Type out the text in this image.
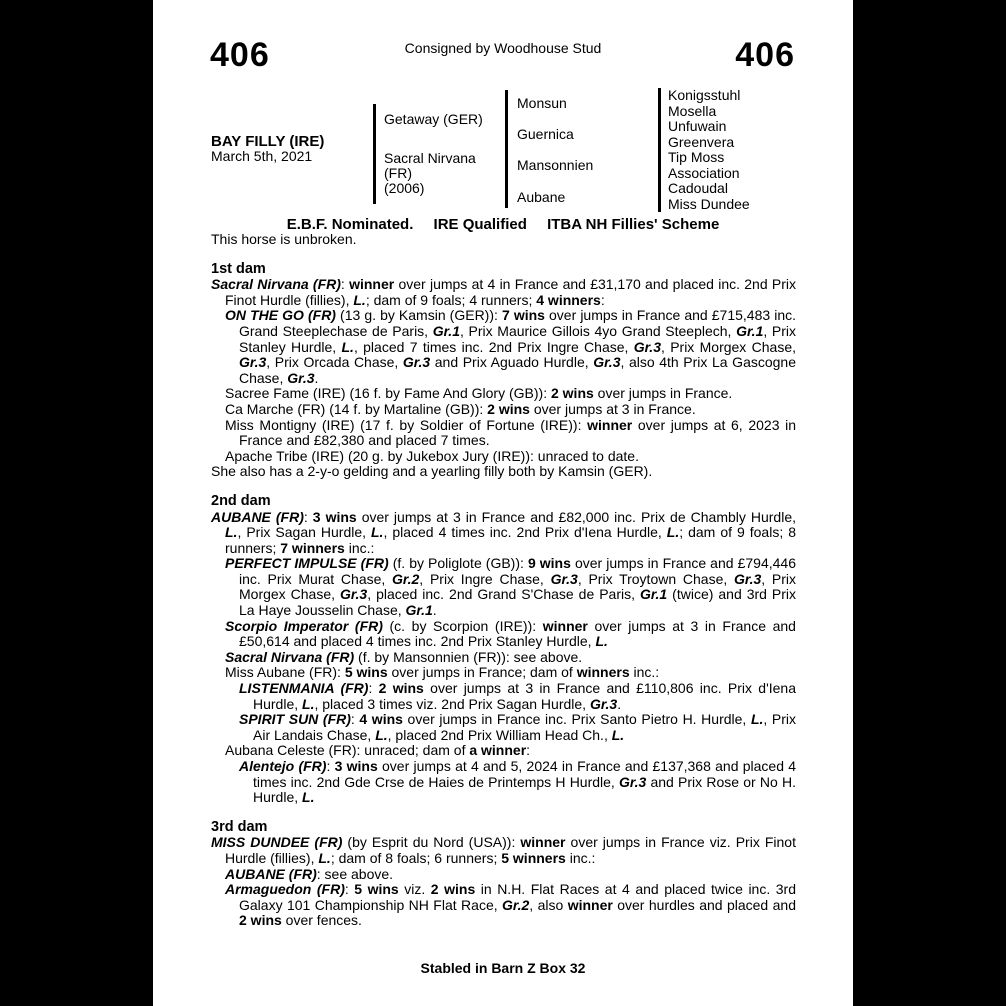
406	Consigned by Woodhouse Stud	406
BAY FILLY (IRE)
March 5th, 2021
Getaway (GER)
Sacral Nirvana
(FR)
(2006)
Monsun
Guernica
Mansonnien
Aubane
Konigsstuhl
Mosella
Unfuwain
Greenvera
Tip Moss
Association
Cadoudal
Miss Dundee
E.B.F. Nominated. IRE Qualified ITBA NH Fillies' Scheme
This horse is unbroken.
1st dam
Sacral Nirvana (FR): winner over jumps at 4 in France and £31,170 and placed inc. 2nd Prix Finot Hurdle (fillies), L.; dam of 9 foals; 4 runners; 4 winners:
ON THE GO (FR) (13 g. by Kamsin (GER)): 7 wins over jumps in France and £715,483 inc. Grand Steeplechase de Paris, Gr.1, Prix Maurice Gillois 4yo Grand Steeplech, Gr.1, Prix Stanley Hurdle, L., placed 7 times inc. 2nd Prix Ingre Chase, Gr.3, Prix Morgex Chase, Gr.3, Prix Orcada Chase, Gr.3 and Prix Aguado Hurdle, Gr.3, also 4th Prix La Gascogne Chase, Gr.3.
Sacree Fame (IRE) (16 f. by Fame And Glory (GB)): 2 wins over jumps in France.
Ca Marche (FR) (14 f. by Martaline (GB)): 2 wins over jumps at 3 in France.
Miss Montigny (IRE) (17 f. by Soldier of Fortune (IRE)): winner over jumps at 6, 2023 in France and £82,380 and placed 7 times.
Apache Tribe (IRE) (20 g. by Jukebox Jury (IRE)): unraced to date.
She also has a 2-y-o gelding and a yearling filly both by Kamsin (GER).
2nd dam
AUBANE (FR): 3 wins over jumps at 3 in France and £82,000 inc. Prix de Chambly Hurdle, L., Prix Sagan Hurdle, L., placed 4 times inc. 2nd Prix d'Iena Hurdle, L.; dam of 9 foals; 8 runners; 7 winners inc.:
PERFECT IMPULSE (FR) (f. by Poliglote (GB)): 9 wins over jumps in France and £794,446 inc. Prix Murat Chase, Gr.2, Prix Ingre Chase, Gr.3, Prix Troytown Chase, Gr.3, Prix Morgex Chase, Gr.3, placed inc. 2nd Grand S'Chase de Paris, Gr.1 (twice) and 3rd Prix La Haye Jousselin Chase, Gr.1.
Scorpio Imperator (FR) (c. by Scorpion (IRE)): winner over jumps at 3 in France and £50,614 and placed 4 times inc. 2nd Prix Stanley Hurdle, L.
Sacral Nirvana (FR) (f. by Mansonnien (FR)): see above.
Miss Aubane (FR): 5 wins over jumps in France; dam of winners inc.:
LISTENMANIA (FR): 2 wins over jumps at 3 in France and £110,806 inc. Prix d'Iena Hurdle, L., placed 3 times viz. 2nd Prix Sagan Hurdle, Gr.3.
SPIRIT SUN (FR): 4 wins over jumps in France inc. Prix Santo Pietro H. Hurdle, L., Prix Air Landais Chase, L., placed 2nd Prix William Head Ch., L.
Aubana Celeste (FR): unraced; dam of a winner:
Alentejo (FR): 3 wins over jumps at 4 and 5, 2024 in France and £137,368 and placed 4 times inc. 2nd Gde Crse de Haies de Printemps H Hurdle, Gr.3 and Prix Rose or No H. Hurdle, L.
3rd dam
MISS DUNDEE (FR) (by Esprit du Nord (USA)): winner over jumps in France viz. Prix Finot Hurdle (fillies), L.; dam of 8 foals; 6 runners; 5 winners inc.:
AUBANE (FR): see above.
Armaguedon (FR): 5 wins viz. 2 wins in N.H. Flat Races at 4 and placed twice inc. 3rd Galaxy 101 Championship NH Flat Race, Gr.2, also winner over hurdles and placed and 2 wins over fences.
Stabled in Barn Z Box 32
